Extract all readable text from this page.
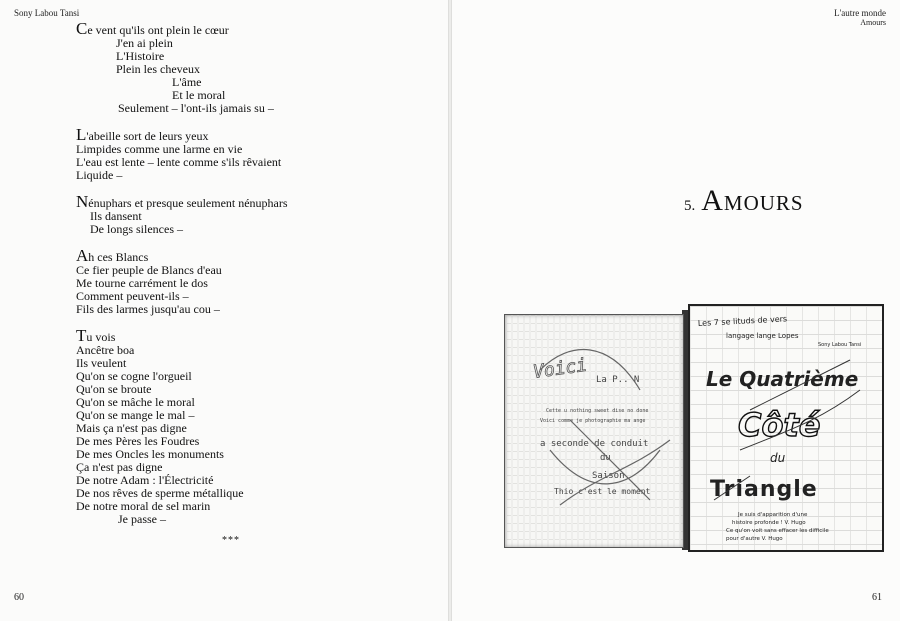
Sony Labou Tansi
Ce vent qu'ils ont plein le cœur
J'en ai plein
L'Histoire
Plein les cheveux
L'âme
Et le moral
Seulement – l'ont-ils jamais su –
L'abeille sort de leurs yeux
Limpides comme une larme en vie
L'eau est lente – lente comme s'ils rêvaient
Liquide –
Nénuphars et presque seulement nénuphars
Ils dansent
De longs silences –
Ah ces Blancs
Ce fier peuple de Blancs d'eau
Me tourne carrément le dos
Comment peuvent-ils –
Fils des larmes jusqu'au cou –
Tu vois
Ancêtre boa
Ils veulent
Qu'on se cogne l'orgueil
Qu'on se broute
Qu'on se mâche le moral
Qu'on se mange le mal –
Mais ça n'est pas digne
De mes Pères les Foudres
De mes Oncles les monuments
Ça n'est pas digne
De notre Adam : l'Électricité
De nos rêves de sperme métallique
De notre moral de sel marin
Je passe –
***
60
L'autre monde
Amours
5. Amours
Voici La P.. N
Cette u nothing sweet dise no done
Voici comme je photographie ma ange
a seconde de conduit
du
Saison
Thio c'est le moment
Les 7 se lituds de vers
langage lange Lopes
Sony Labou Tansi
Le Quatrième
Côté
du
Triangle
Je suis d'apparition d'une
histoire profonde ! V. Hugo
Ce qu'on voit sans effacer les difficile
pour d'autre V. Hugo
61
